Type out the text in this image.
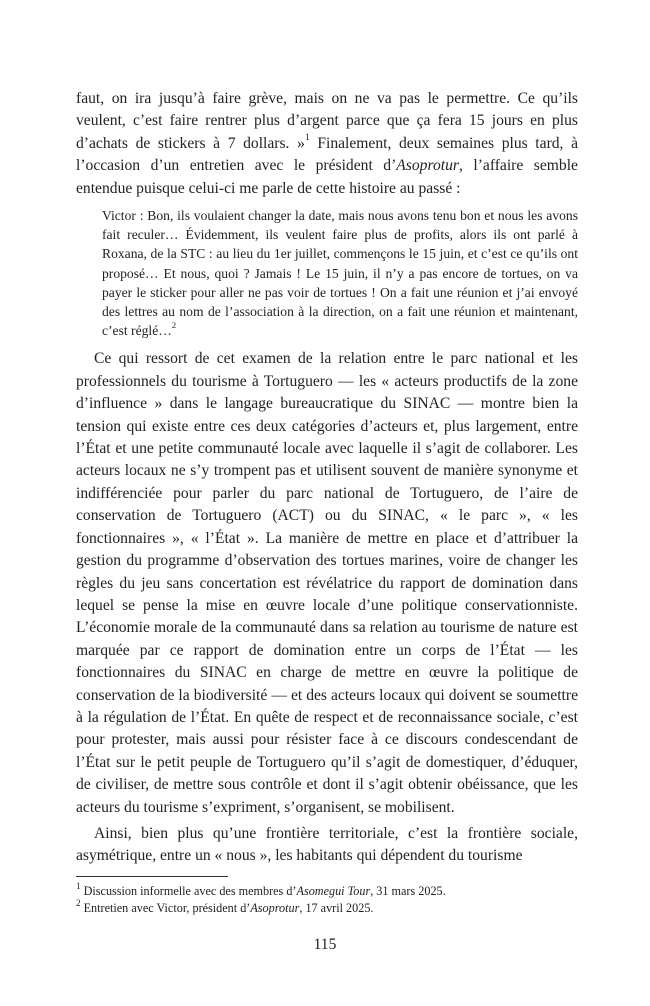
faut, on ira jusqu’à faire grève, mais on ne va pas le permettre. Ce qu’ils veulent, c’est faire rentrer plus d’argent parce que ça fera 15 jours en plus d’achats de stickers à 7 dollars. »$^1$ Finalement, deux semaines plus tard, à l’occasion d’un entretien avec le président d’Asoprotur, l’affaire semble entendue puisque celui-ci me parle de cette histoire au passé :

Victor : Bon, ils voulaient changer la date, mais nous avons tenu bon et nous les avons fait reculer… Évidemment, ils veulent faire plus de profits, alors ils ont parlé à Roxana, de la STC : au lieu du 1er juillet, commençons le 15 juin, et c’est ce qu’ils ont proposé… Et nous, quoi ? Jamais ! Le 15 juin, il n’y a pas encore de tortues, on va payer le sticker pour aller ne pas voir de tortues ! On a fait une réunion et j’ai envoyé des lettres au nom de l’association à la direction, on a fait une réunion et maintenant, c’est réglé…$^2$

Ce qui ressort de cet examen de la relation entre le parc national et les professionnels du tourisme à Tortuguero — les « acteurs productifs de la zone d’influence » dans le langage bureaucratique du SINAC — montre bien la tension qui existe entre ces deux catégories d’acteurs et, plus largement, entre l’État et une petite communauté locale avec laquelle il s’agit de collaborer. Les acteurs locaux ne s’y trompent pas et utilisent souvent de manière synonyme et indifférenciée pour parler du parc national de Tortuguero, de l’aire de conservation de Tortuguero (ACT) ou du SINAC, « le parc », « les fonctionnaires », « l’État ». La manière de mettre en place et d’attribuer la gestion du programme d’observation des tortues marines, voire de changer les règles du jeu sans concertation est révélatrice du rapport de domination dans lequel se pense la mise en œuvre locale d’une politique conservationniste. L’économie morale de la communauté dans sa relation au tourisme de nature est marquée par ce rapport de domination entre un corps de l’État — les fonctionnaires du SINAC en charge de mettre en œuvre la politique de conservation de la biodiversité — et des acteurs locaux qui doivent se soumettre à la régulation de l’État. En quête de respect et de reconnaissance sociale, c’est pour protester, mais aussi pour résister face à ce discours condescendant de l’État sur le petit peuple de Tortuguero qu’il s’agit de domestiquer, d’éduquer, de civiliser, de mettre sous contrôle et dont il s’agit obtenir obéissance, que les acteurs du tourisme s’expriment, s’organisent, se mobilisent.

Ainsi, bien plus qu’une frontière territoriale, c’est la frontière sociale, asymétrique, entre un « nous », les habitants qui dépendent du tourisme

$^1$ Discussion informelle avec des membres d’Asomegui Tour, 31 mars 2025.

$^2$ Entretien avec Victor, président d’Asoprotur, 17 avril 2025.

115
